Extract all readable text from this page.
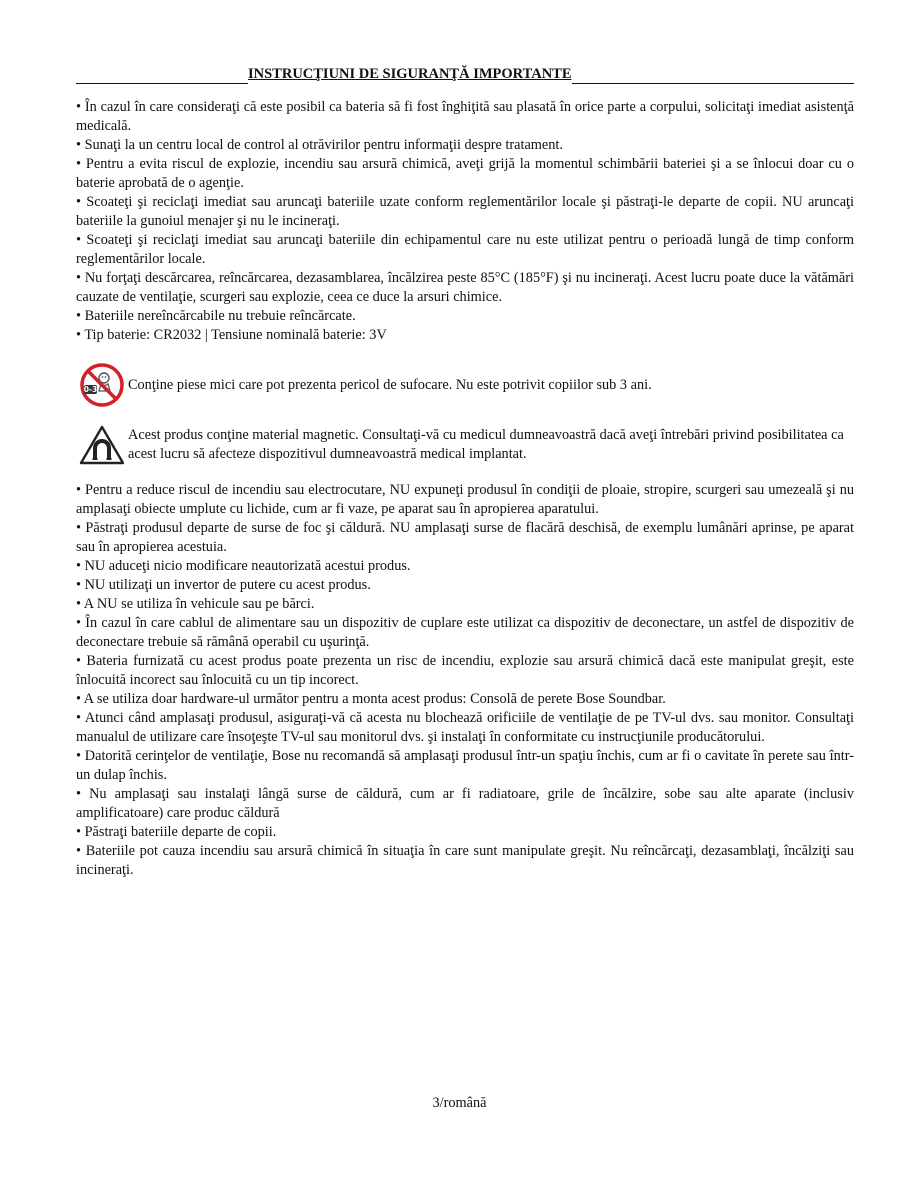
INSTRUCŢIUNI DE SIGURANŢĂ IMPORTANTE

• În cazul în care consideraţi că este posibil ca bateria să fi fost înghiţită sau plasată în orice parte a corpului, solicitaţi imediat asistenţă medicală.

• Sunaţi la un centru local de control al otrăvirilor pentru informaţii despre tratament.

• Pentru a evita riscul de explozie, incendiu sau arsură chimică, aveţi grijă la momentul schimbării bateriei şi a se înlocui doar cu o baterie aprobată de o agenţie.

• Scoateţi şi reciclaţi imediat sau aruncaţi bateriile uzate conform reglementărilor locale şi păstraţi-le departe de copii. NU aruncaţi bateriile la gunoiul menajer şi nu le incineraţi.

• Scoateţi şi reciclaţi imediat sau aruncaţi bateriile din echipamentul care nu este utilizat pentru o perioadă lungă de timp conform reglementărilor locale.

• Nu forţaţi descărcarea, reîncărcarea, dezasamblarea, încălzirea peste 85°C (185°F) şi nu incineraţi. Acest lucru poate duce la vătămări cauzate de ventilaţie, scurgeri sau explozie, ceea ce duce la arsuri chimice.

• Bateriile nereîncărcabile nu trebuie reîncărcate.

• Tip baterie: CR2032 | Tensiune nominală baterie: 3V

0-3 Conţine piese mici care pot prezenta pericol de sufocare. Nu este potrivit copiilor sub 3 ani.
Acest produs conţine material magnetic. Consultaţi-vă cu medicul dumneavoastră dacă aveţi întrebări privind posibilitatea ca acest lucru să afecteze dispozitivul dumneavoastră medical implantat.

• Pentru a reduce riscul de incendiu sau electrocutare, NU expuneţi produsul în condiţii de ploaie, stropire, scurgeri sau umezeală şi nu amplasaţi obiecte umplute cu lichide, cum ar fi vaze, pe aparat sau în apropierea aparatului.

• Păstraţi produsul departe de surse de foc şi căldură. NU amplasaţi surse de flacără deschisă, de exemplu lumânări aprinse, pe aparat sau în apropierea acestuia.

• NU aduceţi nicio modificare neautorizată acestui produs.

• NU utilizaţi un invertor de putere cu acest produs.

• A NU se utiliza în vehicule sau pe bărci.

• În cazul în care cablul de alimentare sau un dispozitiv de cuplare este utilizat ca dispozitiv de deconectare, un astfel de dispozitiv de deconectare trebuie să rămână operabil cu uşurinţă.

• Bateria furnizată cu acest produs poate prezenta un risc de incendiu, explozie sau arsură chimică dacă este manipulat greşit, este înlocuită incorect sau înlocuită cu un tip incorect.

• A se utiliza doar hardware-ul următor pentru a monta acest produs: Consolă de perete Bose Soundbar.

• Atunci când amplasaţi produsul, asiguraţi-vă că acesta nu blochează orificiile de ventilaţie de pe TV-ul dvs. sau monitor. Consultaţi manualul de utilizare care însoţeşte TV-ul sau monitorul dvs. şi instalaţi în conformitate cu instrucţiunile producătorului.

• Datorită cerinţelor de ventilaţie, Bose nu recomandă să amplasaţi produsul într-un spaţiu închis, cum ar fi o cavitate în perete sau într-un dulap închis.

• Nu amplasaţi sau instalaţi lângă surse de căldură, cum ar fi radiatoare, grile de încălzire, sobe sau alte aparate (inclusiv amplificatoare) care produc căldură

• Păstraţi bateriile departe de copii.

• Bateriile pot cauza incendiu sau arsură chimică în situaţia în care sunt manipulate greşit. Nu reîncărcaţi, dezasamblaţi, încălziţi sau incineraţi.

3/română
